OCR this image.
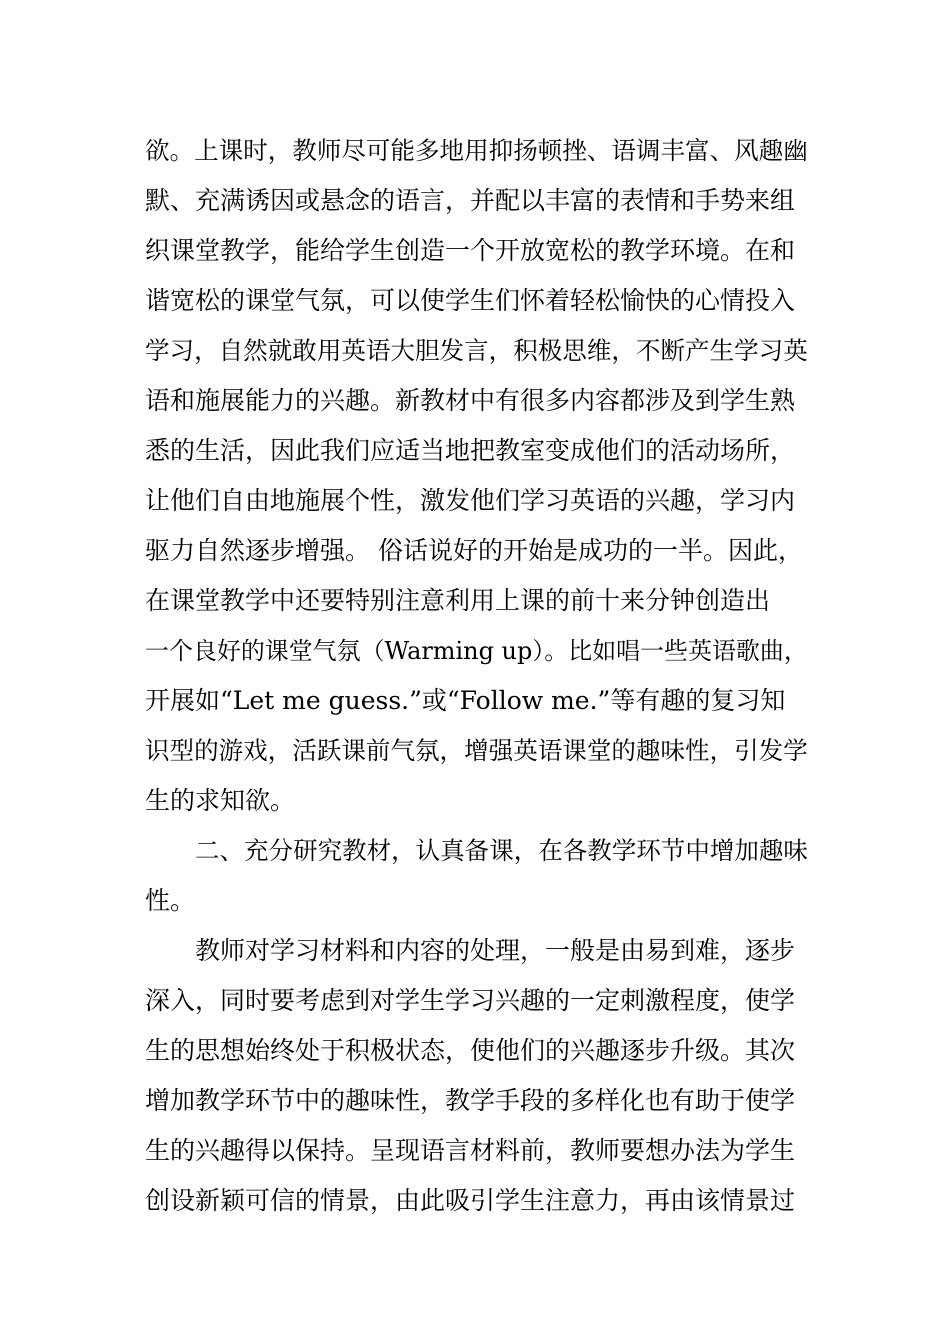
欲。上课时，教师尽可能多地用抑扬顿挫、语调丰富、风趣幽
默、充满诱因或悬念的语言，并配以丰富的表情和手势来组
织课堂教学，能给学生创造一个开放宽松的教学环境。在和
谐宽松的课堂气氛，可以使学生们怀着轻松愉快的心情投入
学习，自然就敢用英语大胆发言，积极思维，不断产生学习英
语和施展能力的兴趣。新教材中有很多内容都涉及到学生熟
悉的生活，因此我们应适当地把教室变成他们的活动场所，
让他们自由地施展个性，激发他们学习英语的兴趣，学习内
驱力自然逐步增强。 俗话说好的开始是成功的一半。因此，
在课堂教学中还要特别注意利用上课的前十来分钟创造出
一个良好的课堂气氛（Warming up）。比如唱一些英语歌曲，
开展如“Let me guess.”或“Follow me.”等有趣的复习知
识型的游戏，活跃课前气氛，增强英语课堂的趣味性，引发学
生的求知欲。
二、充分研究教材，认真备课，在各教学环节中增加趣味
性。
教师对学习材料和内容的处理，一般是由易到难，逐步
深入，同时要考虑到对学生学习兴趣的一定刺激程度，使学
生的思想始终处于积极状态，使他们的兴趣逐步升级。其次
增加教学环节中的趣味性，教学手段的多样化也有助于使学
生的兴趣得以保持。呈现语言材料前，教师要想办法为学生
创设新颖可信的情景，由此吸引学生注意力，再由该情景过
